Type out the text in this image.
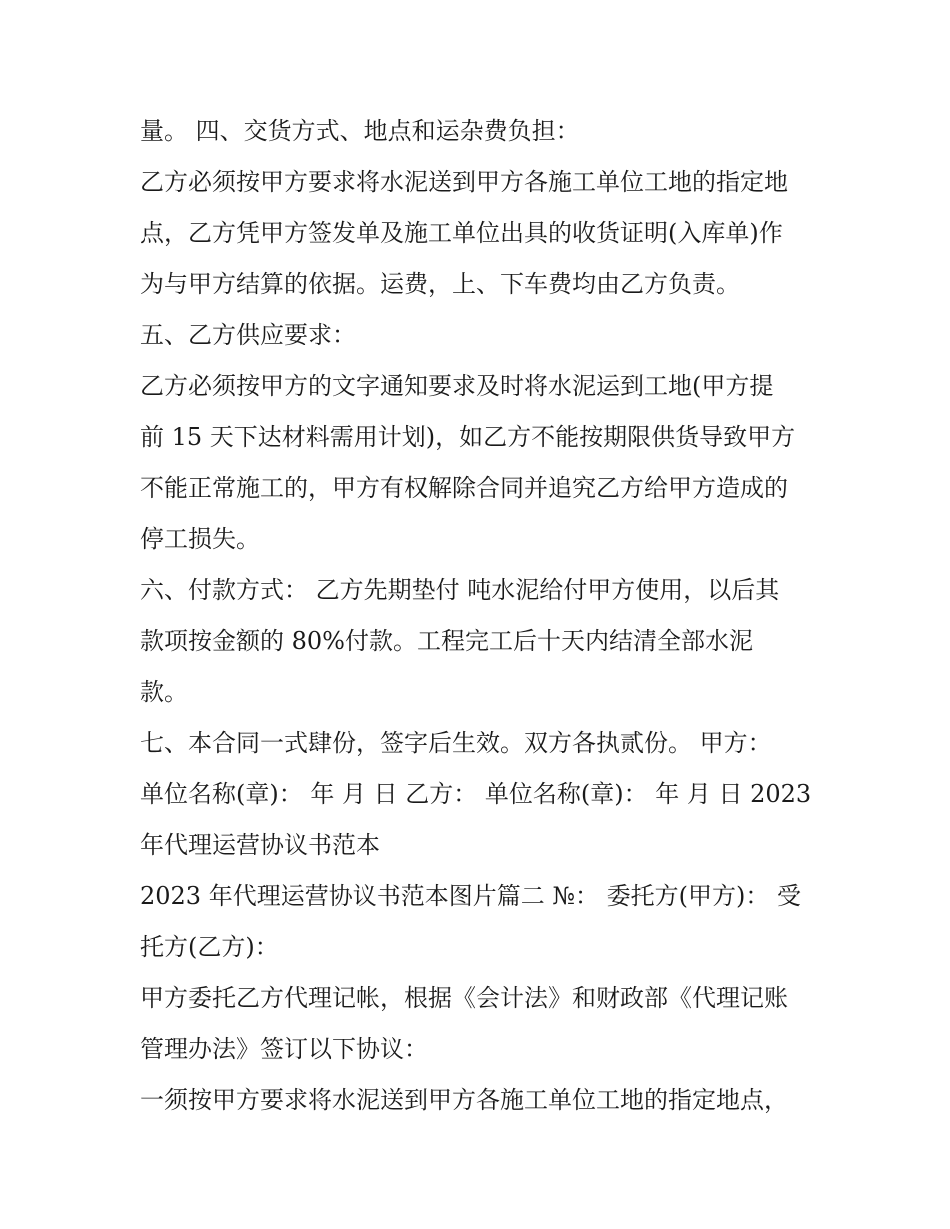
量。 四、交货方式、地点和运杂费负担：
乙方必须按甲方要求将水泥送到甲方各施工单位工地的指定地
点，乙方凭甲方签发单及施工单位出具的收货证明(入库单)作
为与甲方结算的依据。运费，上、下车费均由乙方负责。
五、乙方供应要求：
乙方必须按甲方的文字通知要求及时将水泥运到工地(甲方提
前 15 天下达材料需用计划)，如乙方不能按期限供货导致甲方
不能正常施工的，甲方有权解除合同并追究乙方给甲方造成的
停工损失。
六、付款方式： 乙方先期垫付 吨水泥给付甲方使用，以后其
款项按金额的 80%付款。工程完工后十天内结清全部水泥
款。
七、本合同一式肆份，签字后生效。双方各执贰份。 甲方：
单位名称(章)： 年 月 日 乙方： 单位名称(章)： 年 月 日 2023
年代理运营协议书范本
2023 年代理运营协议书范本图片篇二 №： 委托方(甲方)： 受
托方(乙方)：
甲方委托乙方代理记帐，根据《会计法》和财政部《代理记账
管理办法》签订以下协议：
一须按甲方要求将水泥送到甲方各施工单位工地的指定地点，
